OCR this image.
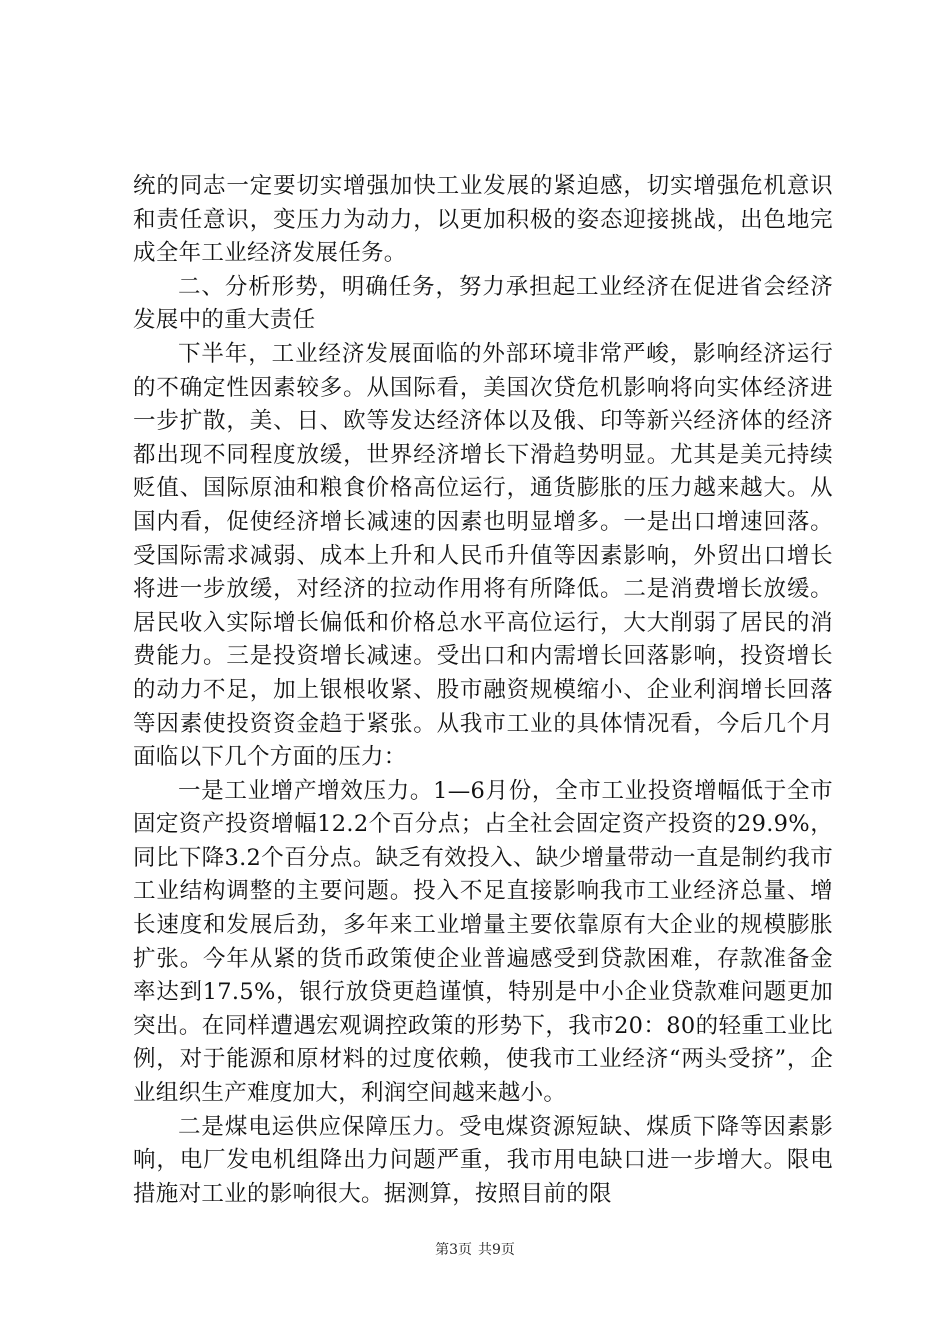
统的同志一定要切实增强加快工业发展的紧迫感，切实增强危机意识和责任意识，变压力为动力，以更加积极的姿态迎接挑战，出色地完成全年工业经济发展任务。

二、分析形势，明确任务，努力承担起工业经济在促进省会经济发展中的重大责任

下半年，工业经济发展面临的外部环境非常严峻，影响经济运行的不确定性因素较多。从国际看，美国次贷危机影响将向实体经济进一步扩散，美、日、欧等发达经济体以及俄、印等新兴经济体的经济都出现不同程度放缓，世界经济增长下滑趋势明显。尤其是美元持续贬值、国际原油和粮食价格高位运行，通货膨胀的压力越来越大。从国内看，促使经济增长减速的因素也明显增多。一是出口增速回落。受国际需求减弱、成本上升和人民币升值等因素影响，外贸出口增长将进一步放缓，对经济的拉动作用将有所降低。二是消费增长放缓。居民收入实际增长偏低和价格总水平高位运行，大大削弱了居民的消费能力。三是投资增长减速。受出口和内需增长回落影响，投资增长的动力不足，加上银根收紧、股市融资规模缩小、企业利润增长回落等因素使投资资金趋于紧张。从我市工业的具体情况看，今后几个月面临以下几个方面的压力：

一是工业增产增效压力。1—6月份，全市工业投资增幅低于全市固定资产投资增幅12.2个百分点；占全社会固定资产投资的29.9%，同比下降3.2个百分点。缺乏有效投入、缺少增量带动一直是制约我市工业结构调整的主要问题。投入不足直接影响我市工业经济总量、增长速度和发展后劲，多年来工业增量主要依靠原有大企业的规模膨胀扩张。今年从紧的货币政策使企业普遍感受到贷款困难，存款准备金率达到17.5%，银行放贷更趋谨慎，特别是中小企业贷款难问题更加突出。在同样遭遇宏观调控政策的形势下，我市20：80的轻重工业比例，对于能源和原材料的过度依赖，使我市工业经济“两头受挤”，企业组织生产难度加大，利润空间越来越小。

二是煤电运供应保障压力。受电煤资源短缺、煤质下降等因素影响，电厂发电机组降出力问题严重，我市用电缺口进一步增大。限电措施对工业的影响很大。据测算，按照目前的限

第3页 共9页
